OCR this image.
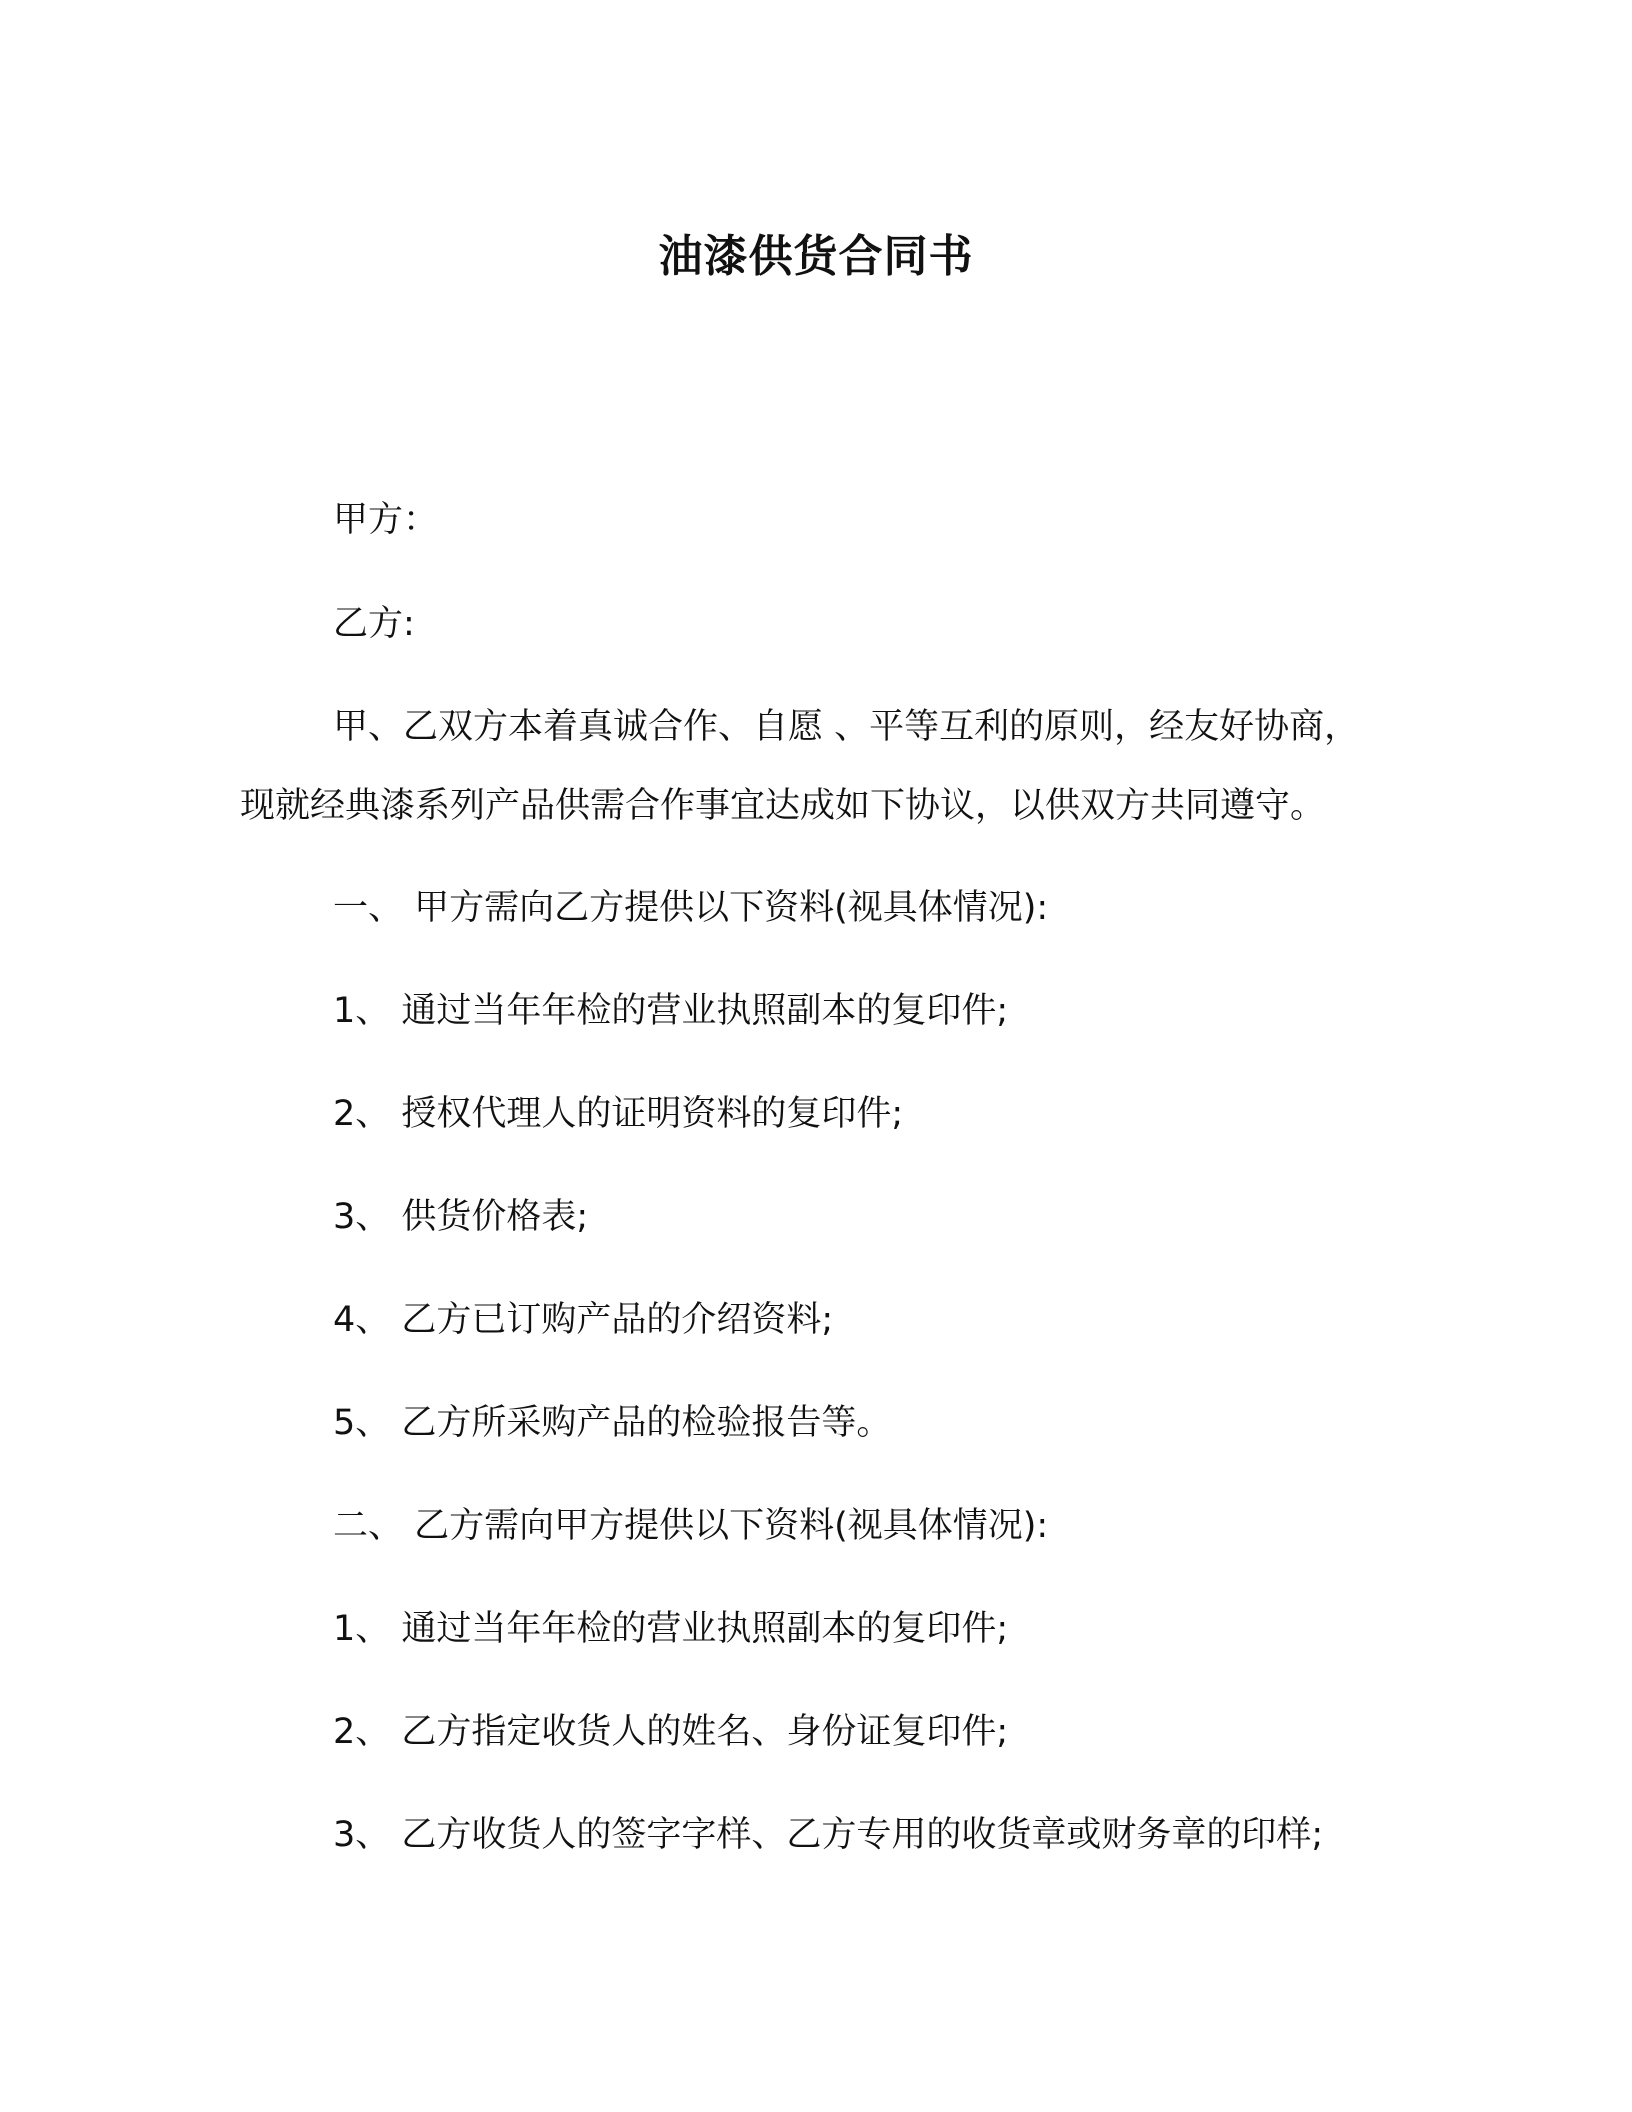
油漆供货合同书
甲方：
乙方:
甲、乙双方本着真诚合作、自愿 、平等互利的原则，经友好协商，
现就经典漆系列产品供需合作事宜达成如下协议，以供双方共同遵守。
一、 甲方需向乙方提供以下资料(视具体情况):
1、 通过当年年检的营业执照副本的复印件;
2、 授权代理人的证明资料的复印件;
3、 供货价格表;
4、 乙方已订购产品的介绍资料;
5、 乙方所采购产品的检验报告等。
二、 乙方需向甲方提供以下资料(视具体情况):
1、 通过当年年检的营业执照副本的复印件;
2、 乙方指定收货人的姓名、身份证复印件;
3、 乙方收货人的签字字样、乙方专用的收货章或财务章的印样;
